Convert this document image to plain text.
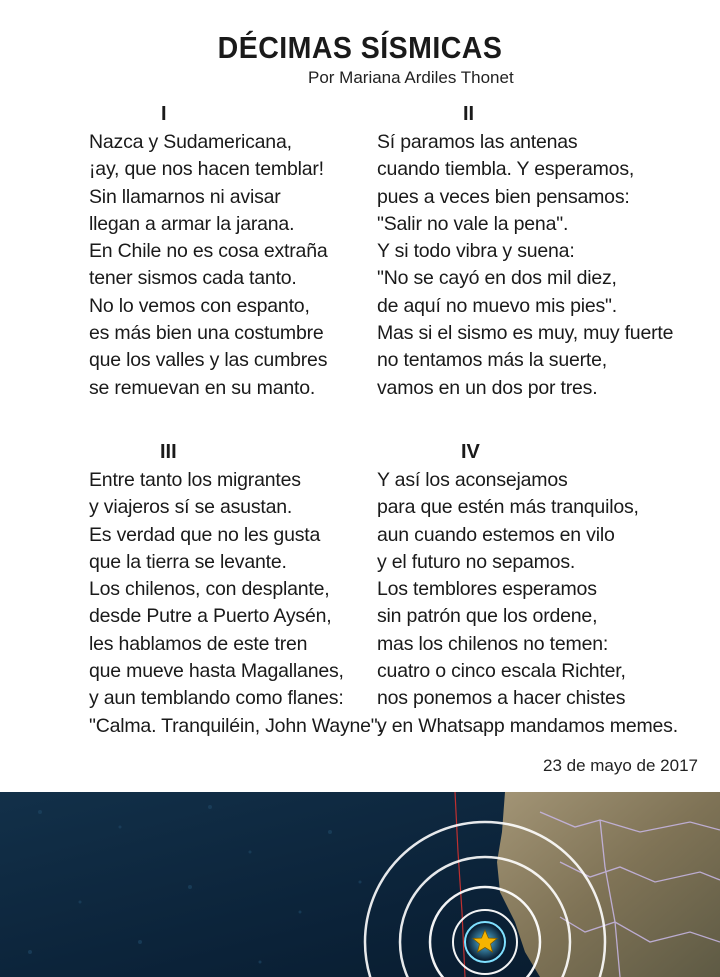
DÉCIMAS SÍSMICAS
Por Mariana Ardiles Thonet
I
Nazca y Sudamericana,
¡ay, que nos hacen temblar!
Sin llamarnos ni avisar
llegan a armar la jarana.
En Chile no es cosa extraña
tener sismos cada tanto.
No lo vemos con espanto,
es más bien una costumbre
que los valles y las cumbres
se remuevan en su manto.
II
Sí paramos las antenas
cuando tiembla. Y esperamos,
pues a veces bien pensamos:
"Salir no vale la pena".
Y si todo vibra y suena:
"No se cayó en dos mil diez,
de aquí no muevo mis pies".
Mas si el sismo es muy, muy fuerte
no tentamos más la suerte,
vamos en un dos por tres.
III
Entre tanto los migrantes
y viajeros sí se asustan.
Es verdad que no les gusta
que la tierra se levante.
Los chilenos, con desplante,
desde Putre a Puerto Aysén,
les hablamos de este tren
que mueve hasta Magallanes,
y aun temblando como flanes:
"Calma. Tranquiléin, John Wayne".
IV
Y así los aconsejamos
para que estén más tranquilos,
aun cuando estemos en vilo
y el futuro no sepamos.
Los temblores esperamos
sin patrón que los ordene,
mas los chilenos no temen:
cuatro o cinco escala Richter,
nos ponemos a hacer chistes
y en Whatsapp mandamos memes.
23 de mayo de 2017
